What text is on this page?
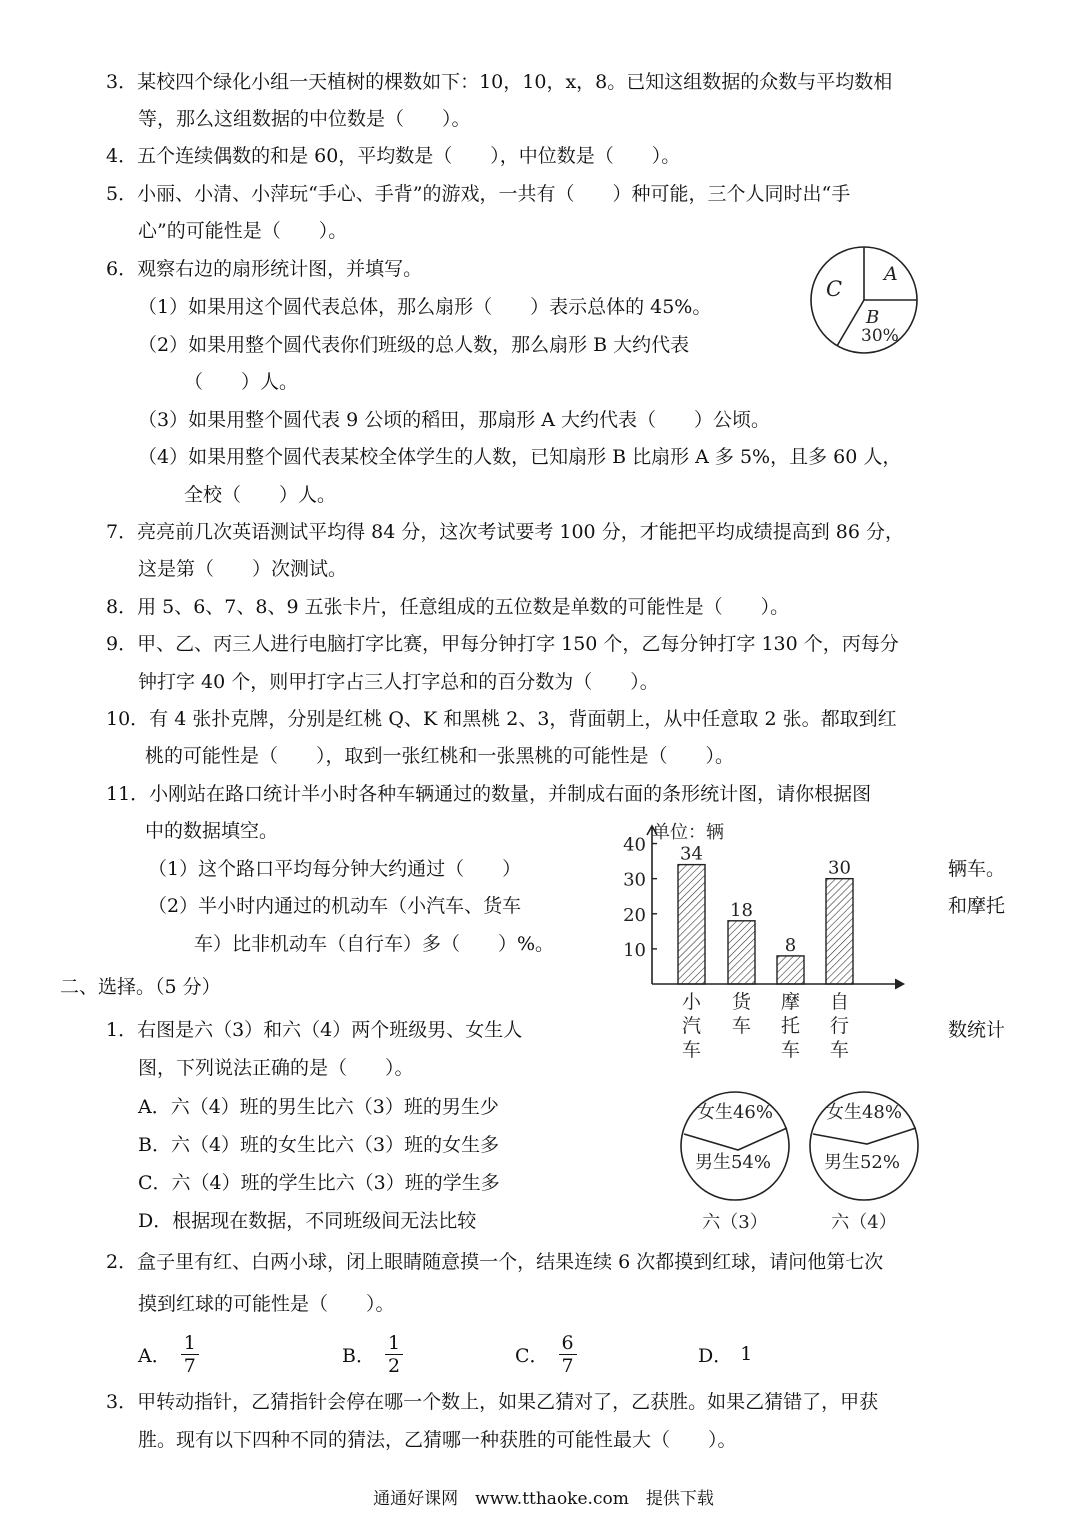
3．某校四个绿化小组一天植树的棵数如下：10，10，x，8。已知这组数据的众数与平均数相
等，那么这组数据的中位数是（　　）。
4．五个连续偶数的和是 60，平均数是（　　），中位数是（　　）。
5．小丽、小清、小萍玩“手心、手背”的游戏，一共有（　　）种可能，三个人同时出“手
心”的可能性是（　　）。
6．观察右边的扇形统计图，并填写。
（1）如果用这个圆代表总体，那么扇形（　　）表示总体的 45%。
（2）如果用整个圆代表你们班级的总人数，那么扇形 B 大约代表
（　　）人。
（3）如果用整个圆代表 9 公顷的稻田，那扇形 A 大约代表（　　）公顷。
（4）如果用整个圆代表某校全体学生的人数，已知扇形 B 比扇形 A 多 5%，且多 60 人，
全校（　　）人。
7．亮亮前几次英语测试平均得 84 分，这次考试要考 100 分，才能把平均成绩提高到 86 分，
这是第（　　）次测试。
8．用 5、6、7、8、9 五张卡片，任意组成的五位数是单数的可能性是（　　）。
9．甲、乙、丙三人进行电脑打字比赛，甲每分钟打字 150 个，乙每分钟打字 130 个，丙每分
钟打字 40 个，则甲打字占三人打字总和的百分数为（　　）。
10．有 4 张扑克牌，分别是红桃 Q、K 和黑桃 2、3，背面朝上，从中任意取 2 张。都取到红
桃的可能性是（　　），取到一张红桃和一张黑桃的可能性是（　　）。
11．小刚站在路口统计半小时各种车辆通过的数量，并制成右面的条形统计图，请你根据图
中的数据填空。
（1）这个路口平均每分钟大约通过（　　）	辆车。
（2）半小时内通过的机动车（小汽车、货车	和摩托
车）比非机动车（自行车）多（　　）%。
二、选择。（5 分）
1．右图是六（3）和六（4）两个班级男、女生人	数统计
图，下列说法正确的是（　　）。
A．六（4）班的男生比六（3）班的男生少
B．六（4）班的女生比六（3）班的女生多
C．六（4）班的学生比六（3）班的学生多
D．根据现在数据，不同班级间无法比较
2．盒子里有红、白两小球，闭上眼睛随意摸一个，结果连续 6 次都摸到红球，请问他第七次
摸到红球的可能性是（　　）。
3．甲转动指针，乙猜指针会停在哪一个数上，如果乙猜对了，乙获胜。如果乙猜错了，甲获
胜。现有以下四种不同的猜法，乙猜哪一种获胜的可能性最大（　　）。
A． $\frac{1}{7}$	B． $\frac{1}{2}$	C． $\frac{6}{7}$	D． 1
A
C
B
30%
单位：辆
10
20
30
40 34
小
汽
车
18
货
车
8
摩
托
车
30
自
行
车
女生46%
男生54%
六（3）
女生48%
男生52%
六（4）
通通好课网　www.tthaoke.com　提供下载
